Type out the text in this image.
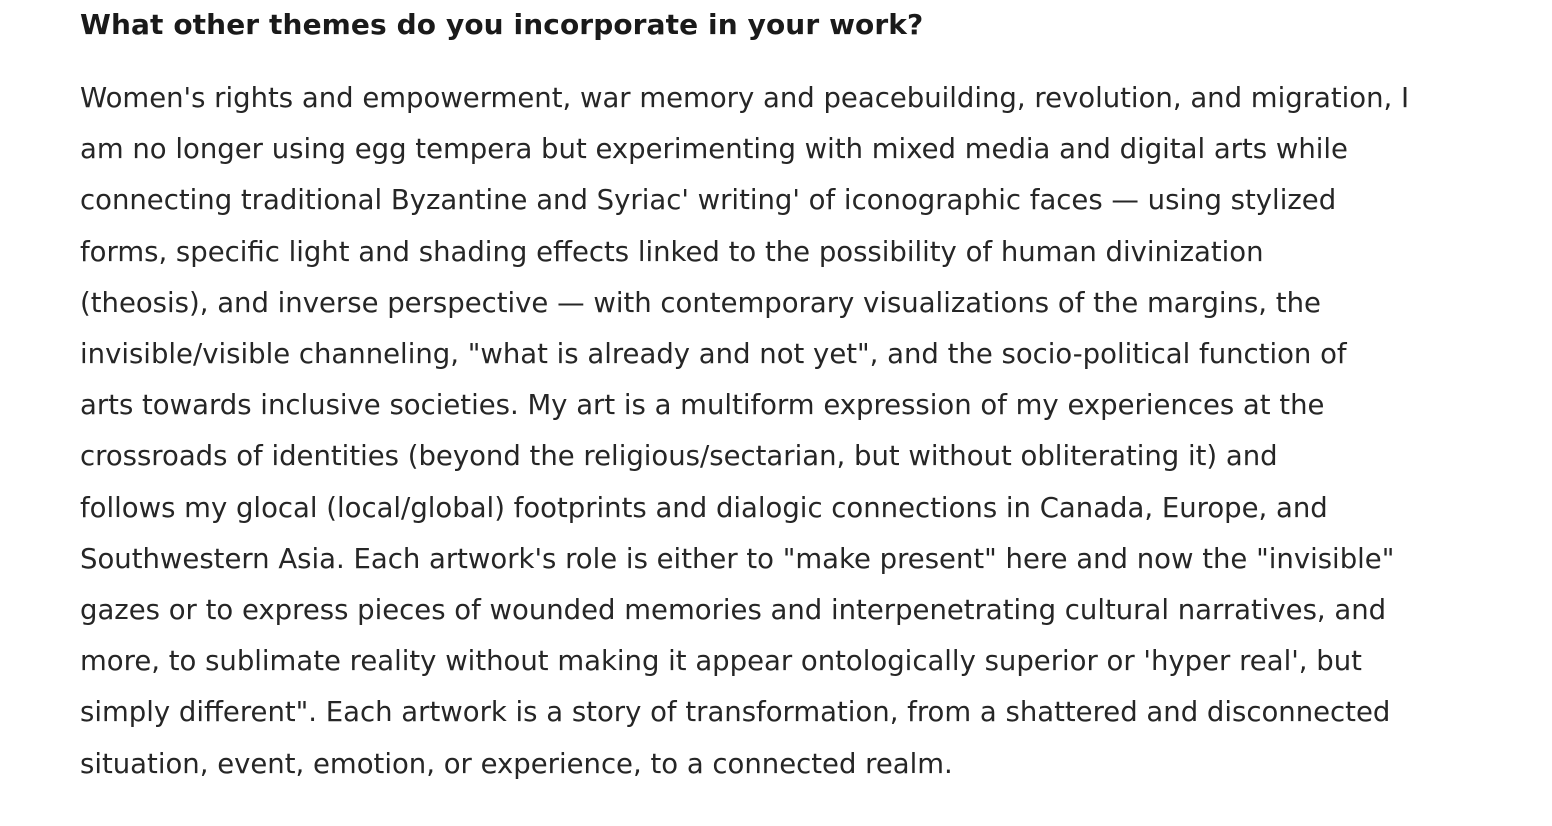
What other themes do you incorporate in your work?

Women's rights and empowerment, war memory and peacebuilding, revolution, and migration, I
am no longer using egg tempera but experimenting with mixed media and digital arts while
connecting traditional Byzantine and Syriac' writing' of iconographic faces — using stylized
forms, specific light and shading effects linked to the possibility of human divinization
(theosis), and inverse perspective — with contemporary visualizations of the margins, the
invisible/visible channeling, "what is already and not yet", and the socio-political function of
arts towards inclusive societies. My art is a multiform expression of my experiences at the
crossroads of identities (beyond the religious/sectarian, but without obliterating it) and
follows my glocal (local/global) footprints and dialogic connections in Canada, Europe, and
Southwestern Asia. Each artwork's role is either to "make present" here and now the "invisible"
gazes or to express pieces of wounded memories and interpenetrating cultural narratives, and
more, to sublimate reality without making it appear ontologically superior or 'hyper real', but
simply different". Each artwork is a story of transformation, from a shattered and disconnected
situation, event, emotion, or experience, to a connected realm.
